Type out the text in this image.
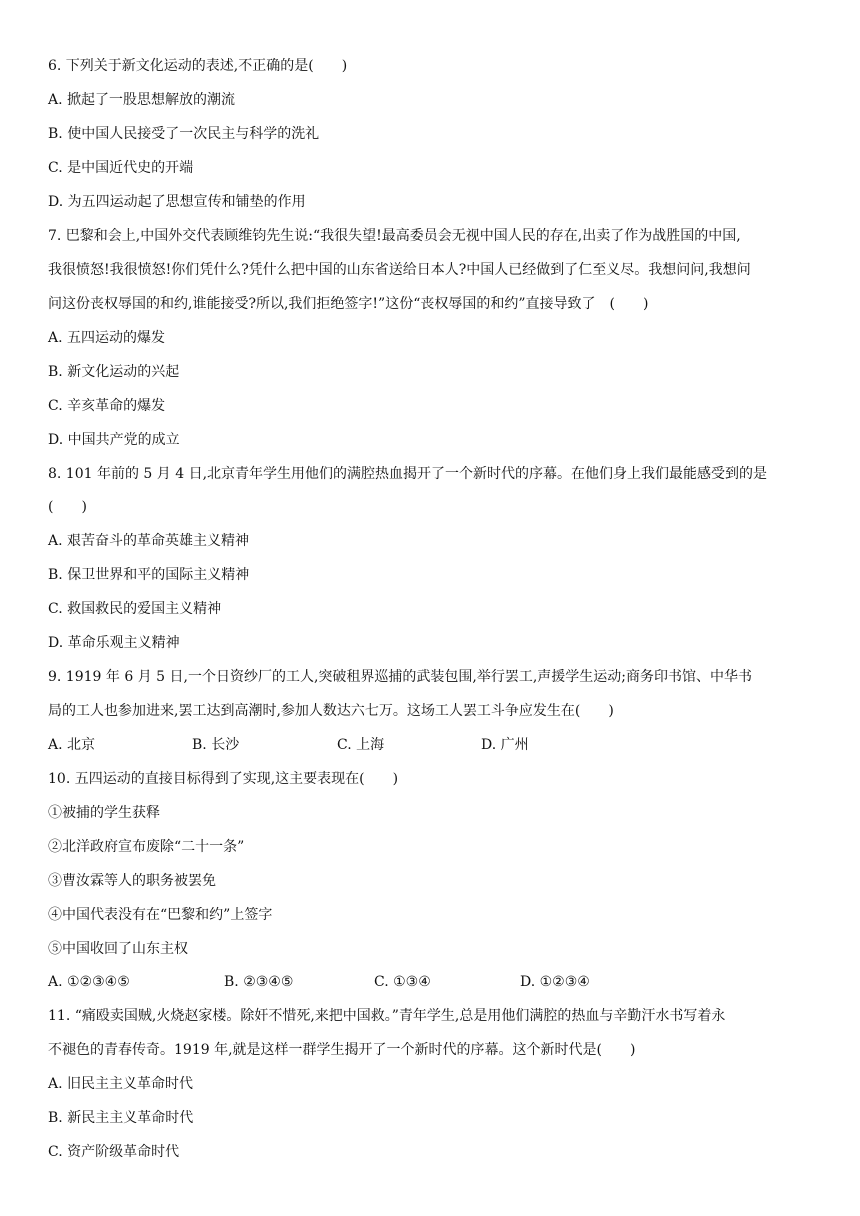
6. 下列关于新文化运动的表述,不正确的是(　　)
A. 掀起了一股思想解放的潮流
B. 使中国人民接受了一次民主与科学的洗礼
C. 是中国近代史的开端
D. 为五四运动起了思想宣传和铺垫的作用
7. 巴黎和会上,中国外交代表顾维钧先生说:“我很失望!最高委员会无视中国人民的存在,出卖了作为战胜国的中国,
我很愤怒!我很愤怒!你们凭什么?凭什么把中国的山东省送给日本人?中国人已经做到了仁至义尽。我想问问,我想问
问这份丧权辱国的和约,谁能接受?所以,我们拒绝签字!”这份“丧权辱国的和约”直接导致了　(　　)
A. 五四运动的爆发
B. 新文化运动的兴起
C. 辛亥革命的爆发
D. 中国共产党的成立
8. 101 年前的 5 月 4 日,北京青年学生用他们的满腔热血揭开了一个新时代的序幕。在他们身上我们最能感受到的是
(　　)
A. 艰苦奋斗的革命英雄主义精神
B. 保卫世界和平的国际主义精神
C. 救国救民的爱国主义精神
D. 革命乐观主义精神
9. 1919 年 6 月 5 日,一个日资纱厂的工人,突破租界巡捕的武装包围,举行罢工,声援学生运动;商务印书馆、中华书
局的工人也参加进来,罢工达到高潮时,参加人数达六七万。这场工人罢工斗争应发生在(　　)
A. 北京	B. 长沙	C. 上海	D. 广州
10. 五四运动的直接目标得到了实现,这主要表现在(　　)
①被捕的学生获释
②北洋政府宣布废除“二十一条”
③曹汝霖等人的职务被罢免
④中国代表没有在“巴黎和约”上签字
⑤中国收回了山东主权
A. ①②③④⑤	B. ②③④⑤	C. ①③④	D. ①②③④
11. “痛殴卖国贼,火烧赵家楼。除奸不惜死,来把中国救。”青年学生,总是用他们满腔的热血与辛勤汗水书写着永
不褪色的青春传奇。1919 年,就是这样一群学生揭开了一个新时代的序幕。这个新时代是(　　)
A. 旧民主主义革命时代
B. 新民主主义革命时代
C. 资产阶级革命时代
